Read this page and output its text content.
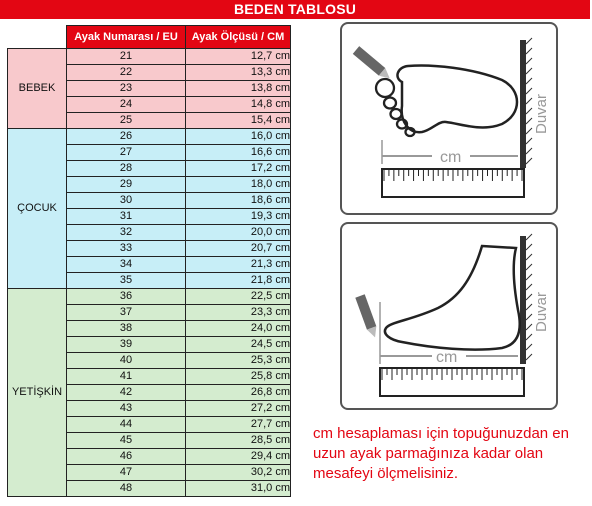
BEDEN TABLOSU
	Ayak Numarası / EU	Ayak Ölçüsü / CM
BEBEK	21	12,7 cm
	22	13,3 cm
	23	13,8 cm
	24	14,8 cm
	25	15,4 cm
ÇOCUK	26	16,0 cm
	27	16,6 cm
	28	17,2 cm
	29	18,0 cm
	30	18,6 cm
	31	19,3 cm
	32	20,0 cm
	33	20,7 cm
	34	21,3 cm
	35	21,8 cm
YETİŞKİN	36	22,5 cm
	37	23,3 cm
	38	24,0 cm
	39	24,5 cm
	40	25,3 cm
	41	25,8 cm
	42	26,8 cm
	43	27,2 cm
	44	27,7 cm
	45	28,5 cm
	46	29,4 cm
	47	30,2 cm
	48	31,0 cm
Duvar
cm
Duvar
cm
cm hesaplaması için topuğunuzdan en uzun ayak parmağınıza kadar olan mesafeyi ölçmelisiniz.
